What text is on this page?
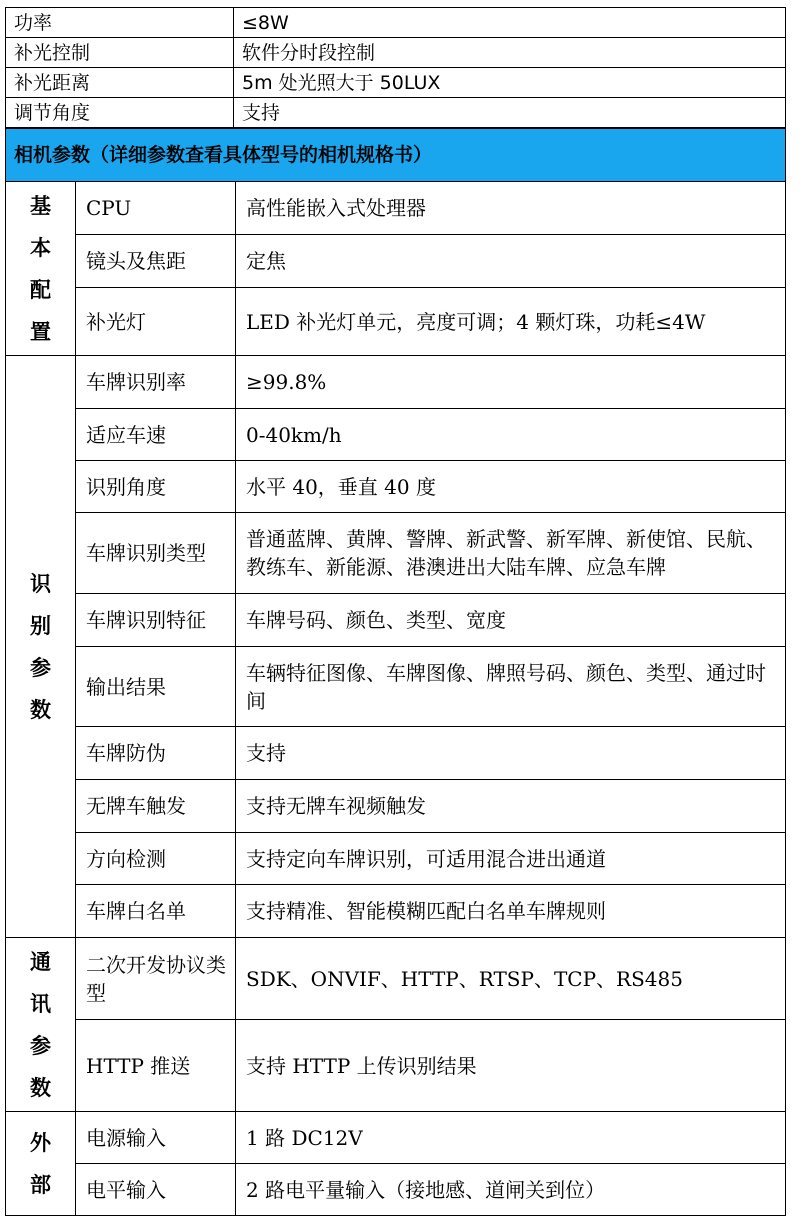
功率	≤8W
补光控制	软件分时段控制
补光距离	5m 处光照大于 50LUX
调节角度	支持
相机参数（详细参数查看具体型号的相机规格书）
基本配置	CPU	高性能嵌入式处理器
	镜头及焦距	定焦
	补光灯	LED 补光灯单元，亮度可调；4 颗灯珠，功耗≤4W

识别参数	车牌识别率	≥99.8%
	适应车速	0-40km/h
	识别角度	水平 40，垂直 40 度
	车牌识别类型	普通蓝牌、黄牌、警牌、新武警、新军牌、新使馆、民航、教练车、新能源、港澳进出大陆车牌、应急车牌
	车牌识别特征	车牌号码、颜色、类型、宽度
	输出结果	车辆特征图像、车牌图像、牌照号码、颜色、类型、通过时间
	车牌防伪	支持
	无牌车触发	支持无牌车视频触发
	方向检测	支持定向车牌识别，可适用混合进出通道
	车牌白名单	支持精准、智能模糊匹配白名单车牌规则

通讯参数	二次开发协议类型	SDK、ONVIF、HTTP、RTSP、TCP、RS485
	HTTP 推送	支持 HTTP 上传识别结果

外部	电源输入	1 路 DC12V
	电平输入	2 路电平量输入（接地感、道闸关到位）
